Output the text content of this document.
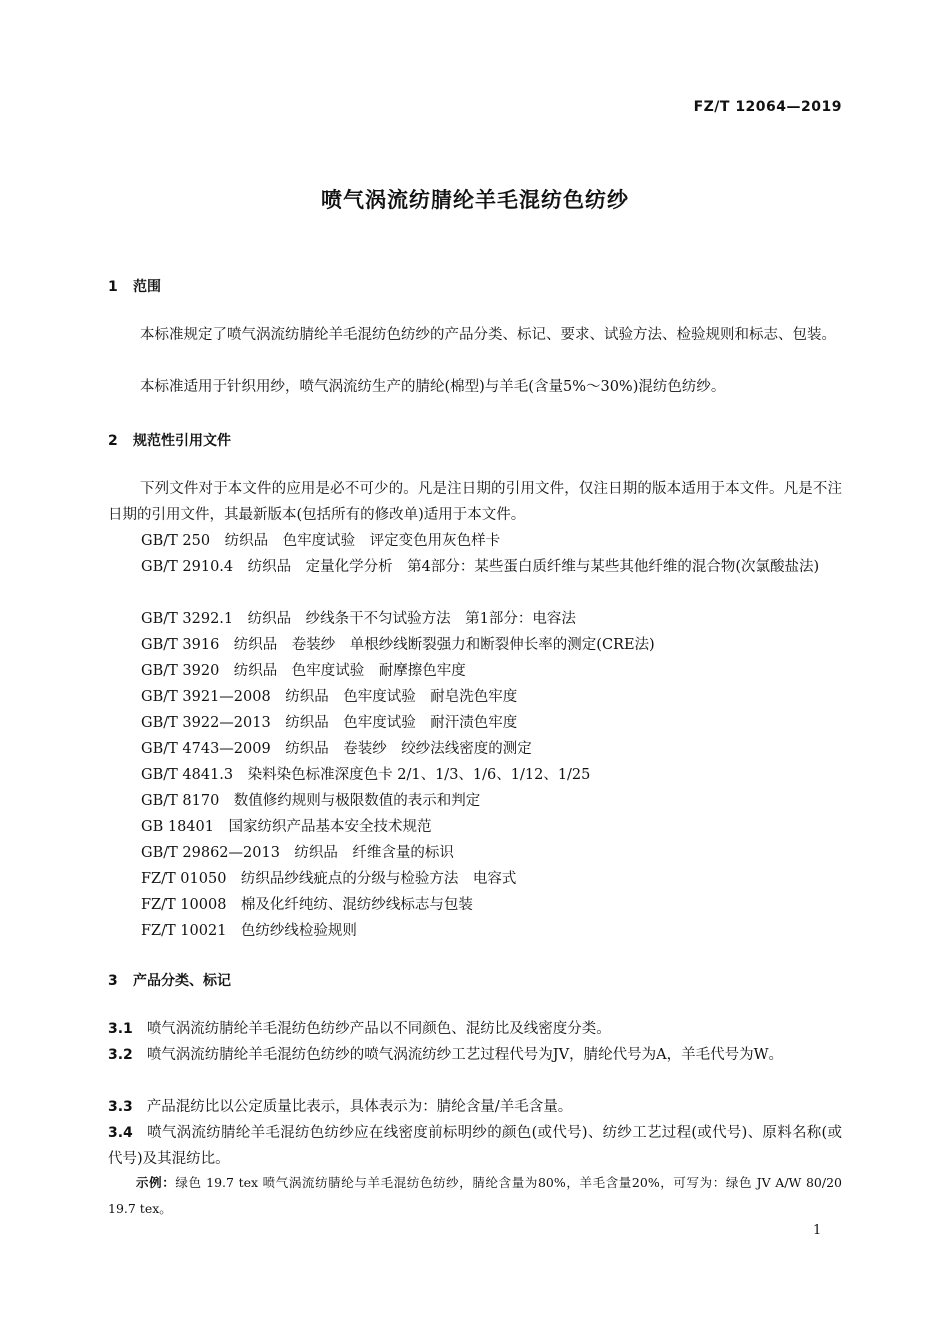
FZ/T 12064—2019
喷气涡流纺腈纶羊毛混纺色纺纱
1 范围

本标准规定了喷气涡流纺腈纶羊毛混纺色纺纱的产品分类、标记、要求、试验方法、检验规则和标志、包装。

本标准适用于针织用纱，喷气涡流纺生产的腈纶(棉型)与羊毛(含量5%～30%)混纺色纺纱。

2 规范性引用文件

下列文件对于本文件的应用是必不可少的。凡是注日期的引用文件，仅注日期的版本适用于本文件。凡是不注日期的引用文件，其最新版本(包括所有的修改单)适用于本文件。

GB/T 250　纺织品　色牢度试验　评定变色用灰色样卡

GB/T 2910.4　纺织品　定量化学分析　第4部分：某些蛋白质纤维与某些其他纤维的混合物(次氯酸盐法)

GB/T 3292.1　纺织品　纱线条干不匀试验方法　第1部分：电容法

GB/T 3916　纺织品　卷装纱　单根纱线断裂强力和断裂伸长率的测定(CRE法)

GB/T 3920　纺织品　色牢度试验　耐摩擦色牢度

GB/T 3921—2008　纺织品　色牢度试验　耐皂洗色牢度

GB/T 3922—2013　纺织品　色牢度试验　耐汗渍色牢度

GB/T 4743—2009　纺织品　卷装纱　绞纱法线密度的测定

GB/T 4841.3　染料染色标准深度色卡 2/1、1/3、1/6、1/12、1/25

GB/T 8170　数值修约规则与极限数值的表示和判定

GB 18401　国家纺织产品基本安全技术规范

GB/T 29862—2013　纺织品　纤维含量的标识

FZ/T 01050　纺织品纱线疵点的分级与检验方法　电容式

FZ/T 10008　棉及化纤纯纺、混纺纱线标志与包装

FZ/T 10021　色纺纱线检验规则

3 产品分类、标记

3.1 喷气涡流纺腈纶羊毛混纺色纺纱产品以不同颜色、混纺比及线密度分类。

3.2 喷气涡流纺腈纶羊毛混纺色纺纱的喷气涡流纺纱工艺过程代号为JV，腈纶代号为A，羊毛代号为W。

3.3 产品混纺比以公定质量比表示，具体表示为：腈纶含量/羊毛含量。

3.4 喷气涡流纺腈纶羊毛混纺色纺纱应在线密度前标明纱的颜色(或代号)、纺纱工艺过程(或代号)、原料名称(或代号)及其混纺比。

示例：绿色 19.7 tex 喷气涡流纺腈纶与羊毛混纺色纺纱，腈纶含量为80%，羊毛含量20%，可写为：绿色 JV A/W 80/20 19.7 tex。

1
